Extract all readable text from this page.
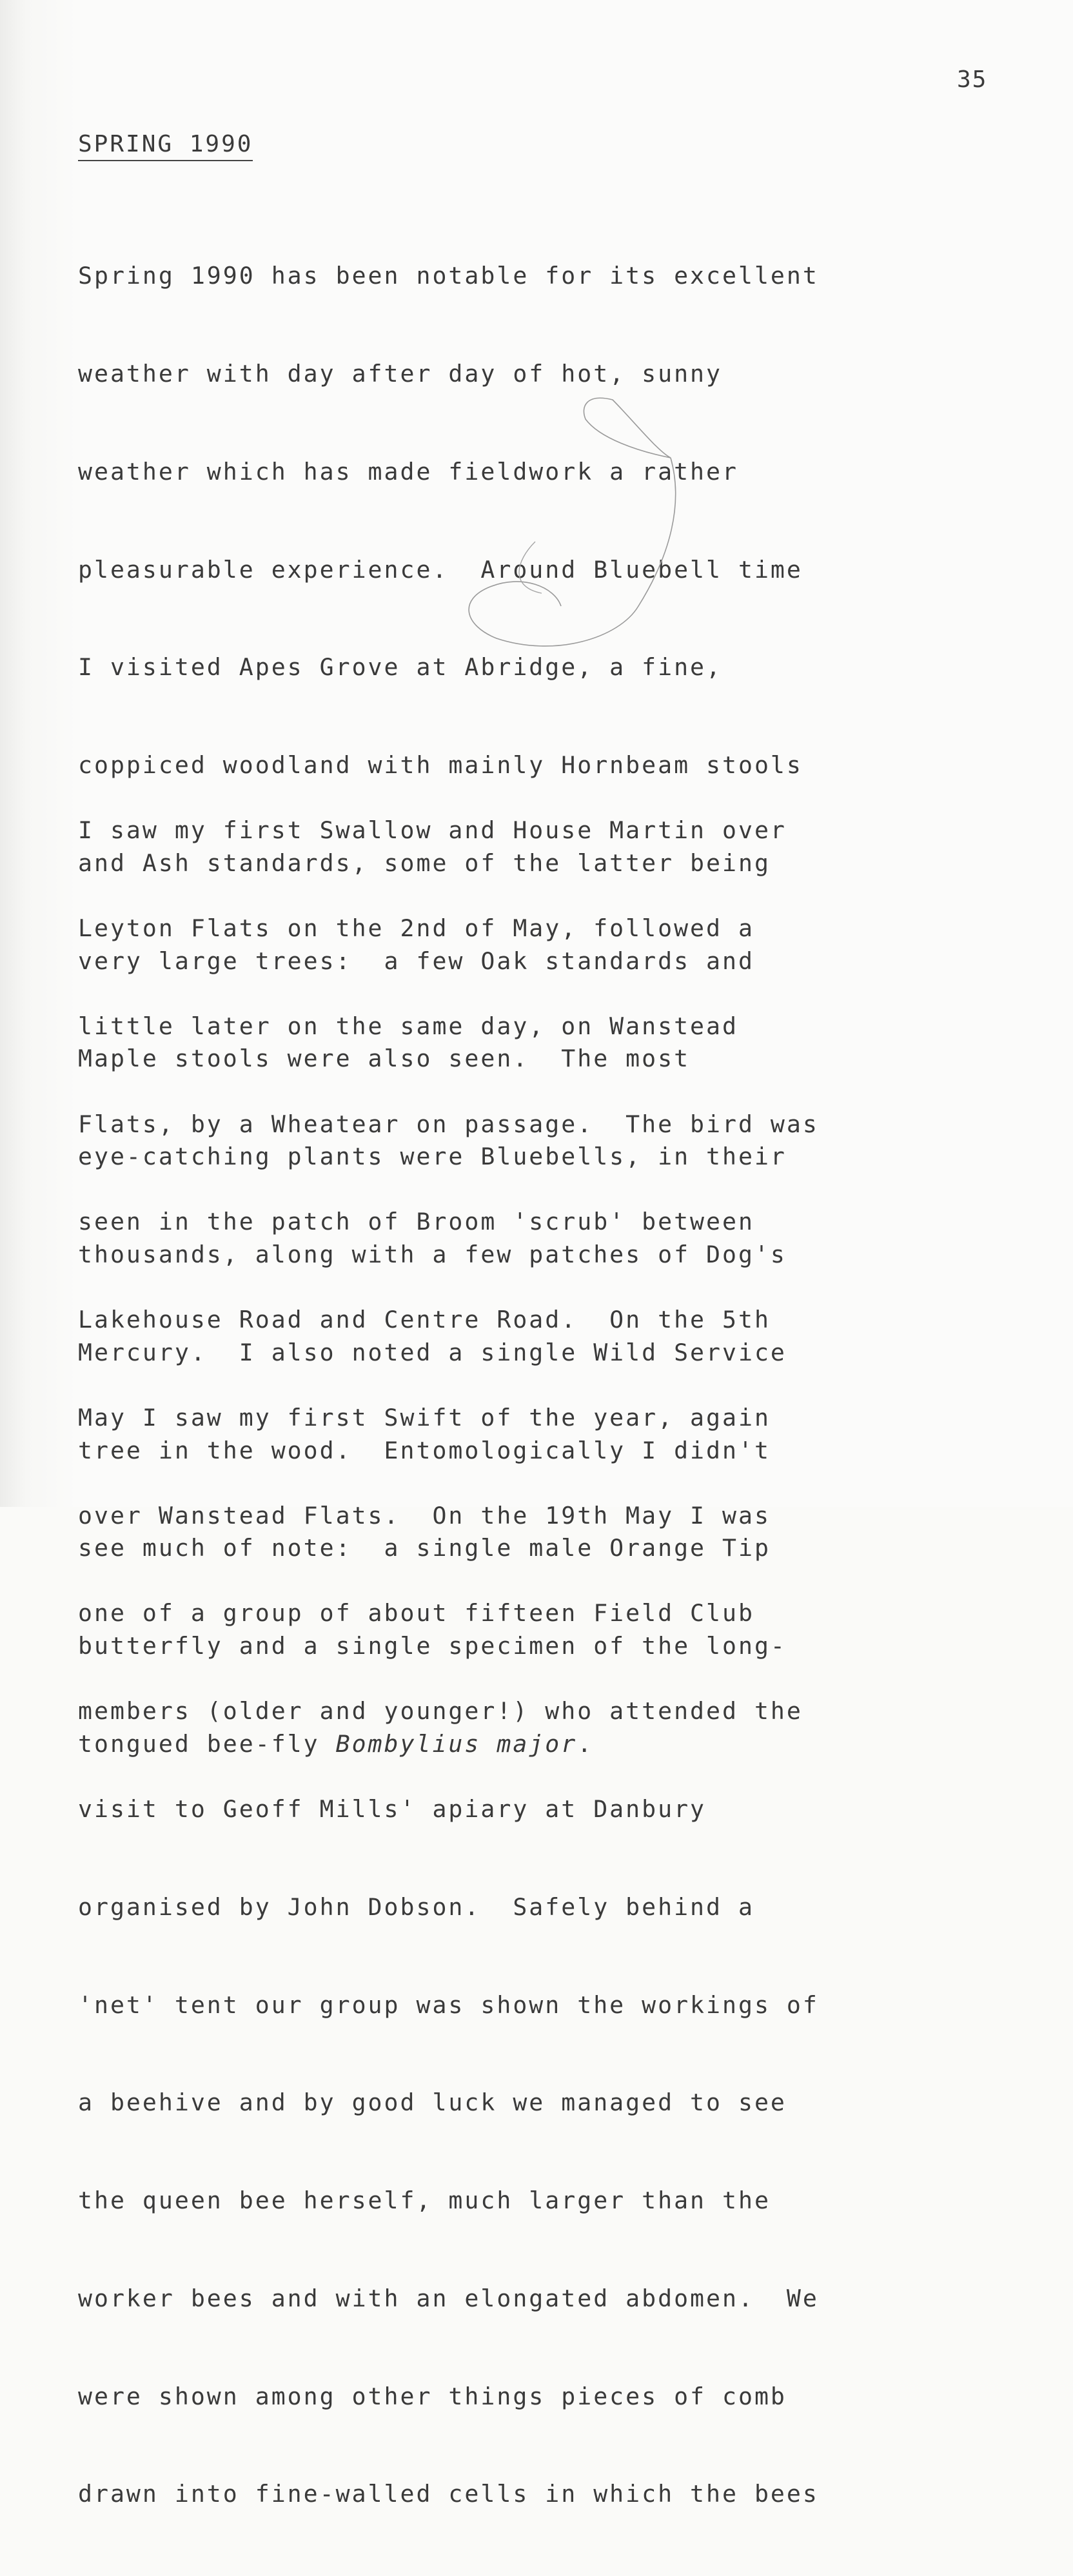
35
SPRING 1990

Spring 1990 has been notable for its excellent

weather with day after day of hot, sunny

weather which has made fieldwork a rather

pleasurable experience.  Around Bluebell time

I visited Apes Grove at Abridge, a fine,

coppiced woodland with mainly Hornbeam stools

and Ash standards, some of the latter being

very large trees:  a few Oak standards and

Maple stools were also seen.  The most

eye-catching plants were Bluebells, in their

thousands, along with a few patches of Dog's

Mercury.  I also noted a single Wild Service

tree in the wood.  Entomologically I didn't

see much of note:  a single male Orange Tip

butterfly and a single specimen of the long-

tongued bee-fly Bombylius major.

I saw my first Swallow and House Martin over

Leyton Flats on the 2nd of May, followed a

little later on the same day, on Wanstead

Flats, by a Wheatear on passage.  The bird was

seen in the patch of Broom 'scrub' between

Lakehouse Road and Centre Road.  On the 5th

May I saw my first Swift of the year, again

over Wanstead Flats.  On the 19th May I was

one of a group of about fifteen Field Club

members (older and younger!) who attended the

visit to Geoff Mills' apiary at Danbury

organised by John Dobson.  Safely behind a

'net' tent our group was shown the workings of

a beehive and by good luck we managed to see

the queen bee herself, much larger than the

worker bees and with an elongated abdomen.  We

were shown among other things pieces of comb

drawn into fine-walled cells in which the bees
